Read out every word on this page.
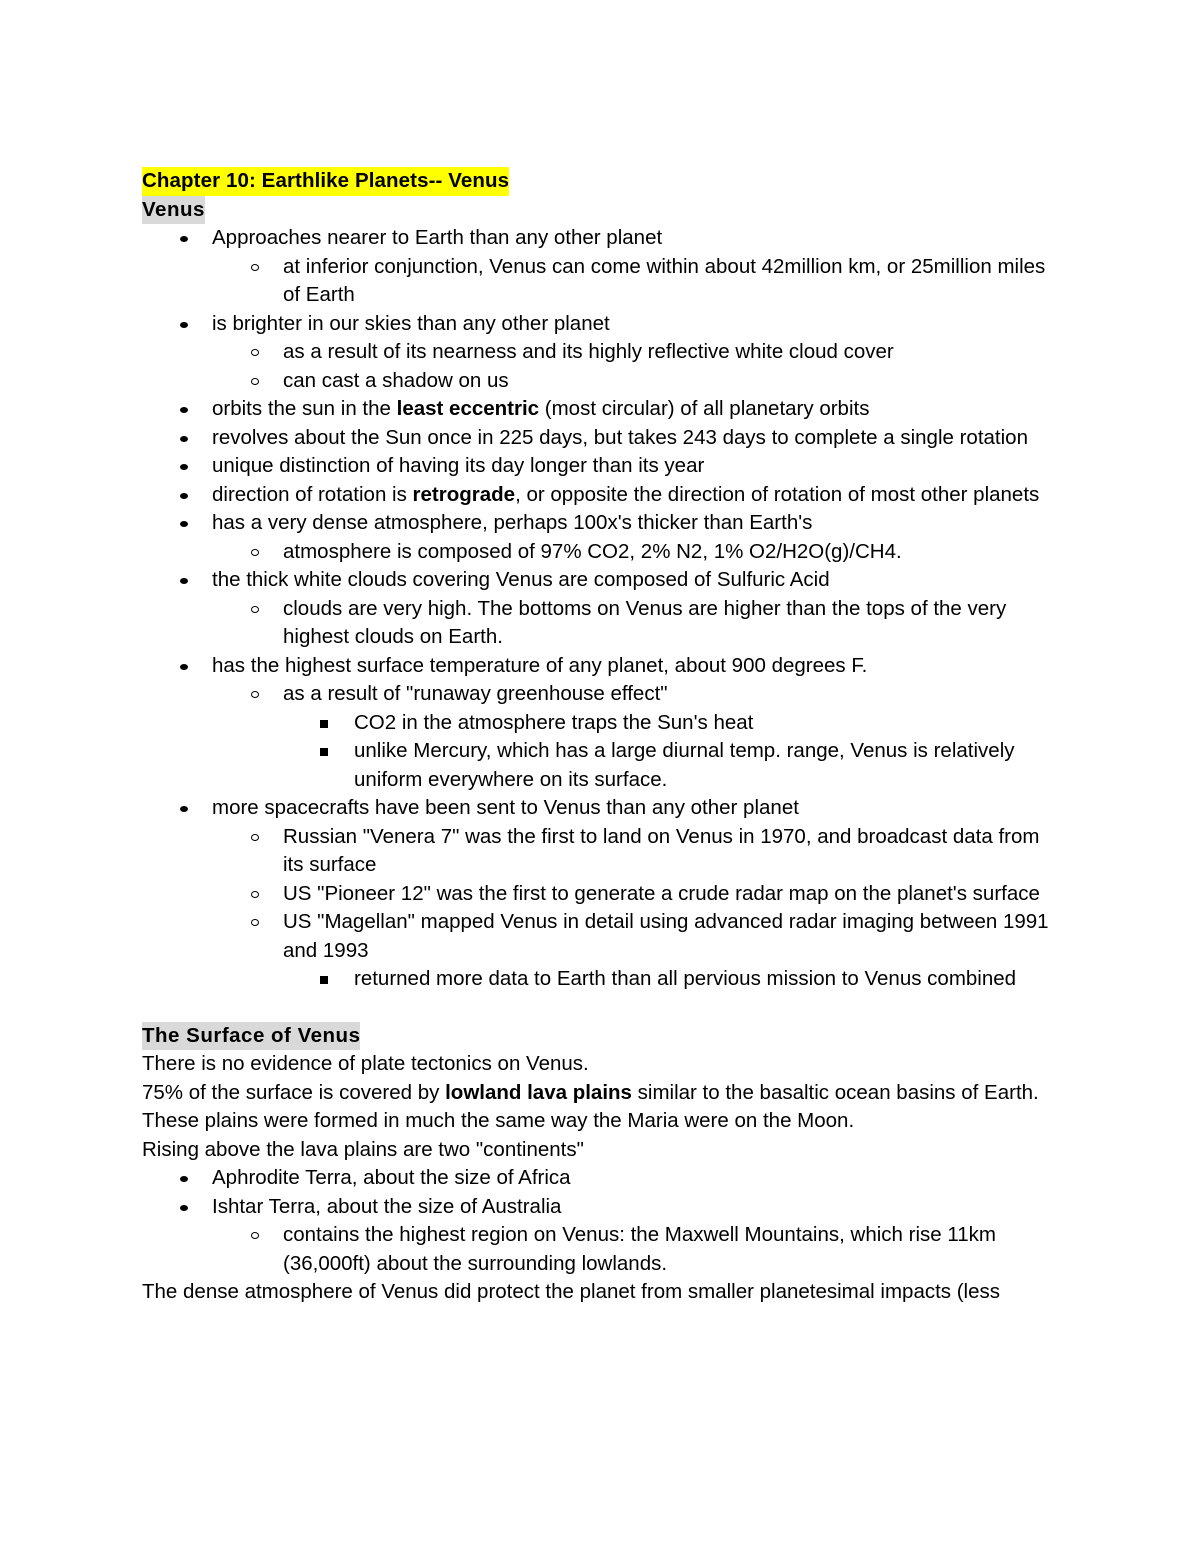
Chapter 10: Earthlike Planets-- Venus
Venus
Approaches nearer to Earth than any other planet
at inferior conjunction, Venus can come within about 42million km, or 25million miles of Earth
is brighter in our skies than any other planet
as a result of its nearness and its highly reflective white cloud cover
can cast a shadow on us
orbits the sun in the least eccentric (most circular) of all planetary orbits
revolves about the Sun once in 225 days, but takes 243 days to complete a single rotation
unique distinction of having its day longer than its year
direction of rotation is retrograde, or opposite the direction of rotation of most other planets
has a very dense atmosphere, perhaps 100x's thicker than Earth's
atmosphere is composed of 97% CO2, 2% N2, 1% O2/H2O(g)/CH4.
the thick white clouds covering Venus are composed of Sulfuric Acid
clouds are very high. The bottoms on Venus are higher than the tops of the very highest clouds on Earth.
has the highest surface temperature of any planet, about 900 degrees F.
as a result of "runaway greenhouse effect"
CO2 in the atmosphere traps the Sun's heat
unlike Mercury, which has a large diurnal temp. range, Venus is relatively uniform everywhere on its surface.
more spacecrafts have been sent to Venus than any other planet
Russian "Venera 7" was the first to land on Venus in 1970, and broadcast data from its surface
US "Pioneer 12" was the first to generate a crude radar map on the planet's surface
US "Magellan" mapped Venus in detail using advanced radar imaging between 1991 and 1993
returned more data to Earth than all pervious mission to Venus combined
The Surface of Venus
There is no evidence of plate tectonics on Venus.
75% of the surface is covered by lowland lava plains similar to the basaltic ocean basins of Earth. These plains were formed in much the same way the Maria were on the Moon.
Rising above the lava plains are two "continents"
Aphrodite Terra, about the size of Africa
Ishtar Terra, about the size of Australia
contains the highest region on Venus: the Maxwell Mountains, which rise 11km (36,000ft) about the surrounding lowlands.
The dense atmosphere of Venus did protect the planet from smaller planetesimal impacts (less
